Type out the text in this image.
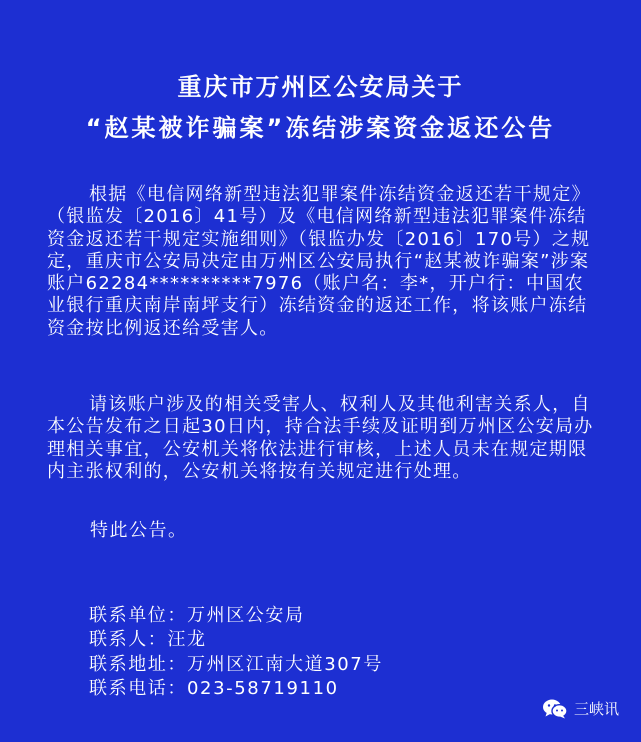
重庆市万州区公安局关于
“赵某被诈骗案”冻结涉案资金返还公告

根据《电信网络新型违法犯罪案件冻结资金返还若干规定》（银监发〔2016〕41号）及《电信网络新型违法犯罪案件冻结资金返还若干规定实施细则》（银监办发〔2016〕170号）之规定，重庆市公安局决定由万州区公安局执行“赵某被诈骗案”涉案账户62284**********7976（账户名：李*，开户行：中国农业银行重庆南岸南坪支行）冻结资金的返还工作，将该账户冻结资金按比例返还给受害人。

请该账户涉及的相关受害人、权利人及其他利害关系人，自本公告发布之日起30日内，持合法手续及证明到万州区公安局办理相关事宜，公安机关将依法进行审核，上述人员未在规定期限内主张权利的，公安机关将按有关规定进行处理。

特此公告。

联系单位：万州区公安局
联系人：汪龙
联系地址：万州区江南大道307号
联系电话：023-58719110
三峡讯
